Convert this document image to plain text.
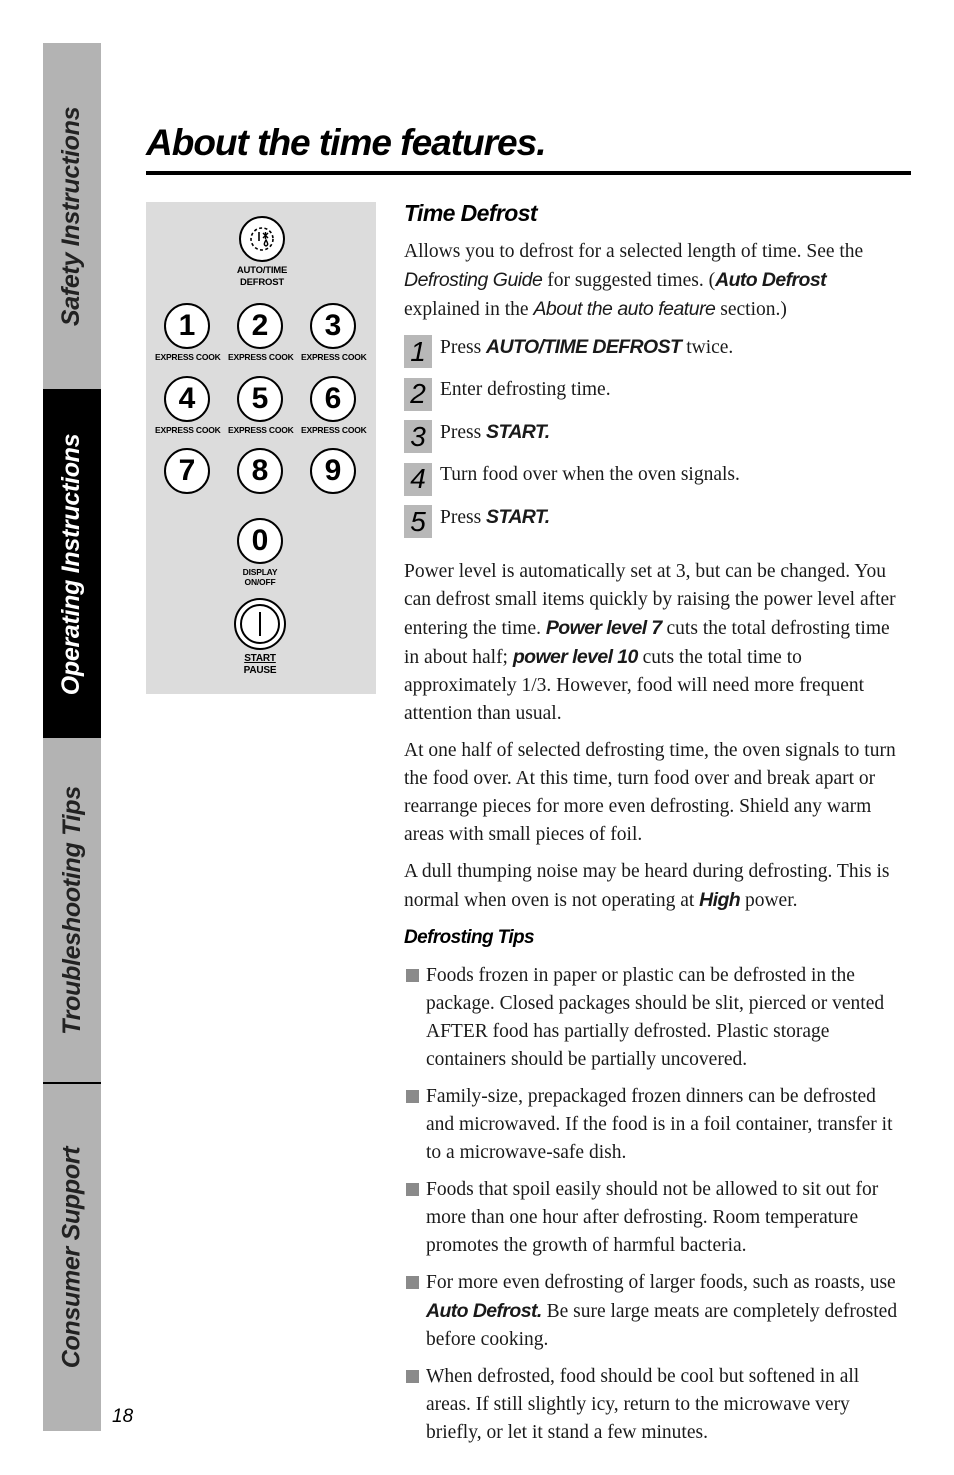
Safety Instructions
Operating Instructions
Troubleshooting Tips
Consumer Support
About the time features.
AUTO/TIME
DEFROST
1
EXPRESS COOK
2
EXPRESS COOK
3
EXPRESS COOK
4
EXPRESS COOK
5
EXPRESS COOK
6
EXPRESS COOK
7	8	9
0
DISPLAY
ON/OFF
START
PAUSE
Time Defrost

Allows you to defrost for a selected length of time. See the Defrosting Guide for suggested times. (Auto Defrost explained in the About the auto feature section.)

1 Press AUTO/TIME DEFROST twice.
2 Enter defrosting time.
3 Press START.
4 Turn food over when the oven signals.
5 Press START.

Power level is automatically set at 3, but can be changed. You can defrost small items quickly by raising the power level after entering the time. Power level 7 cuts the total defrosting time in about half; power level 10 cuts the total time to approximately 1/3. However, food will need more frequent attention than usual.

At one half of selected defrosting time, the oven signals to turn the food over. At this time, turn food over and break apart or rearrange pieces for more even defrosting. Shield any warm areas with small pieces of foil.

A dull thumping noise may be heard during defrosting. This is normal when oven is not operating at High power.

Defrosting Tips
Foods frozen in paper or plastic can be defrosted in the package. Closed packages should be slit, pierced or vented AFTER food has partially defrosted. Plastic storage containers should be partially uncovered.
Family-size, prepackaged frozen dinners can be defrosted and microwaved. If the food is in a foil container, transfer it to a microwave-safe dish.
Foods that spoil easily should not be allowed to sit out for more than one hour after defrosting. Room temperature promotes the growth of harmful bacteria.
For more even defrosting of larger foods, such as roasts, use Auto Defrost. Be sure large meats are completely defrosted before cooking.
When defrosted, food should be cool but softened in all areas. If still slightly icy, return to the microwave very briefly, or let it stand a few minutes.
18
